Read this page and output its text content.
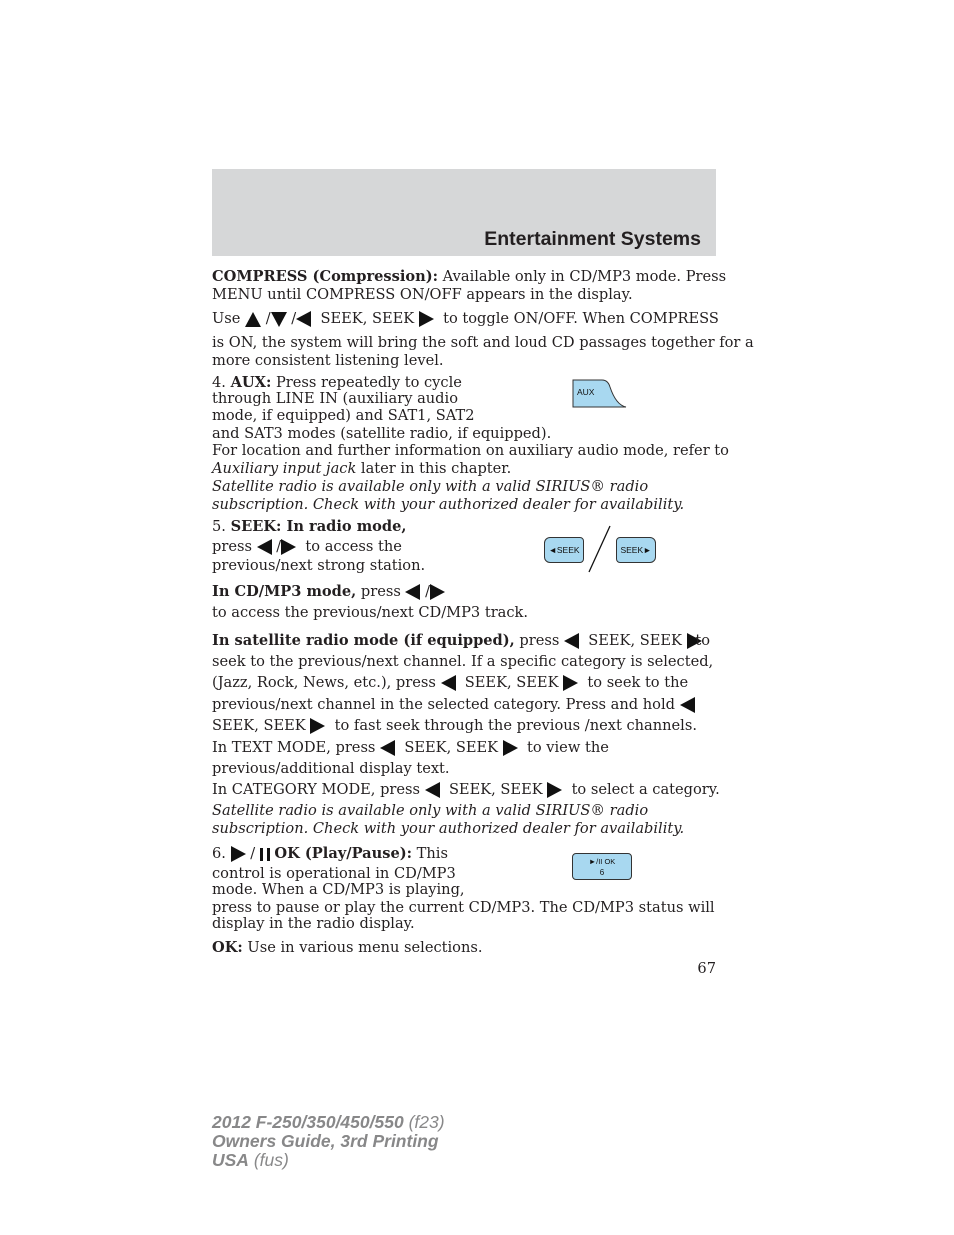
Entertainment Systems
COMPRESS (Compression): Available only in CD/MP3 mode. Press
MENU until COMPRESS ON/OFF appears in the display.
Use  / / SEEK, SEEK to toggle ON/OFF. When COMPRESS
is ON, the system will bring the soft and loud CD passages together for a
more consistent listening level.
4. AUX: Press repeatedly to cycle
through LINE IN (auxiliary audio
mode, if equipped) and SAT1, SAT2
and SAT3 modes (satellite radio, if equipped).
For location and further information on auxiliary audio mode, refer to
Auxiliary input jack later in this chapter.
Satellite radio is available only with a valid SIRIUS® radio
subscription. Check with your authorized dealer for availability.
AUX
5. SEEK: In radio mode,
press  / to access the
previous/next strong station.
◄SEEK	SEEK►
In CD/MP3 mode, press  /
to access the previous/next CD/MP3 track.
In satellite radio mode (if equipped), press SEEK, SEEK to
seek to the previous/next channel. If a specific category is selected,
(Jazz, Rock, News, etc.), press SEEK, SEEK to seek to the
previous/next channel in the selected category. Press and hold
SEEK, SEEK to fast seek through the previous /next channels.
In TEXT MODE, press SEEK, SEEK to view the
previous/additional display text.
In CATEGORY MODE, press SEEK, SEEK to select a category.
Satellite radio is available only with a valid SIRIUS® radio
subscription. Check with your authorized dealer for availability.
6.  /  OK (Play/Pause): This
control is operational in CD/MP3
mode. When a CD/MP3 is playing,
press to pause or play the current CD/MP3. The CD/MP3 status will
display in the radio display.
OK: Use in various menu selections.
►/II OK
6
67
2012 F-250/350/450/550 (f23)
Owners Guide, 3rd Printing
USA (fus)
